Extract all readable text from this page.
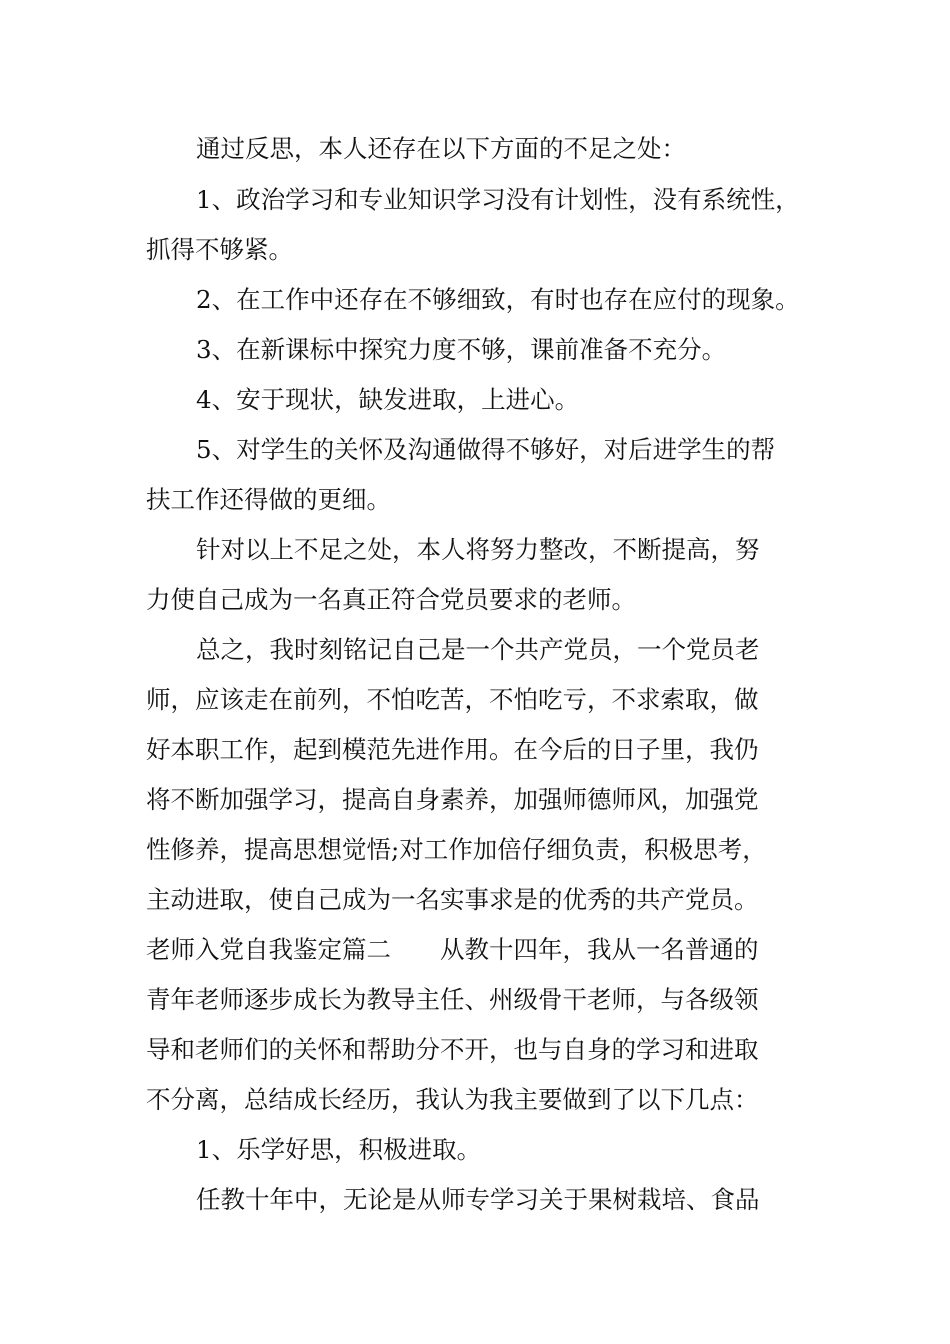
通过反思，本人还存在以下方面的不足之处：
1、政治学习和专业知识学习没有计划性，没有系统性，
抓得不够紧。
2、在工作中还存在不够细致，有时也存在应付的现象。
3、在新课标中探究力度不够，课前准备不充分。
4、安于现状，缺发进取，上进心。
5、对学生的关怀及沟通做得不够好，对后进学生的帮
扶工作还得做的更细。
针对以上不足之处，本人将努力整改，不断提高，努
力使自己成为一名真正符合党员要求的老师。
总之，我时刻铭记自己是一个共产党员，一个党员老
师，应该走在前列，不怕吃苦，不怕吃亏，不求索取，做
好本职工作，起到模范先进作用。在今后的日子里，我仍
将不断加强学习，提高自身素养，加强师德师风，加强党
性修养，提高思想觉悟;对工作加倍仔细负责，积极思考，
主动进取，使自己成为一名实事求是的优秀的共产党员。
老师入党自我鉴定篇二　　从教十四年，我从一名普通的
青年老师逐步成长为教导主任、州级骨干老师，与各级领
导和老师们的关怀和帮助分不开，也与自身的学习和进取
不分离，总结成长经历，我认为我主要做到了以下几点：
1、乐学好思，积极进取。
任教十年中，无论是从师专学习关于果树栽培、食品
